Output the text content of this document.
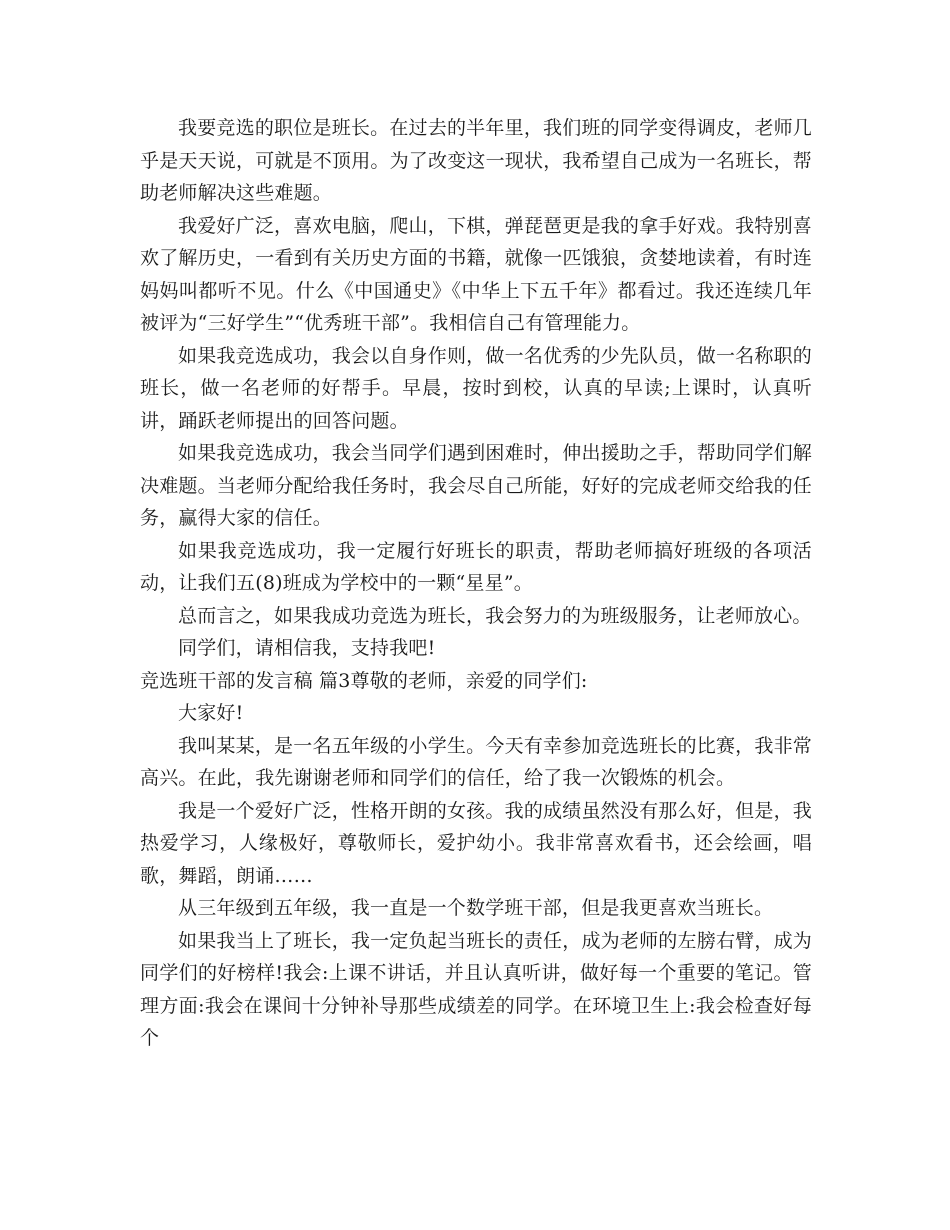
我要竞选的职位是班长。在过去的半年里，我们班的同学变得调皮，老师几乎是天天说，可就是不顶用。为了改变这一现状，我希望自己成为一名班长，帮助老师解决这些难题。

我爱好广泛，喜欢电脑，爬山，下棋，弹琵琶更是我的拿手好戏。我特别喜欢了解历史，一看到有关历史方面的书籍，就像一匹饿狼，贪婪地读着，有时连妈妈叫都听不见。什么《中国通史》《中华上下五千年》都看过。我还连续几年被评为“三好学生”“优秀班干部”。我相信自己有管理能力。

如果我竞选成功，我会以自身作则，做一名优秀的少先队员，做一名称职的班长，做一名老师的好帮手。早晨，按时到校，认真的早读;上课时，认真听讲，踊跃老师提出的回答问题。

如果我竞选成功，我会当同学们遇到困难时，伸出援助之手，帮助同学们解决难题。当老师分配给我任务时，我会尽自己所能，好好的完成老师交给我的任务，赢得大家的信任。

如果我竞选成功，我一定履行好班长的职责，帮助老师搞好班级的各项活动，让我们五(8)班成为学校中的一颗“星星”。

总而言之，如果我成功竞选为班长，我会努力的为班级服务，让老师放心。

同学们，请相信我，支持我吧!

竞选班干部的发言稿 篇3尊敬的老师，亲爱的同学们:

大家好!

我叫某某，是一名五年级的小学生。今天有幸参加竞选班长的比赛，我非常高兴。在此，我先谢谢老师和同学们的信任，给了我一次锻炼的机会。

我是一个爱好广泛，性格开朗的女孩。我的成绩虽然没有那么好，但是，我热爱学习，人缘极好，尊敬师长，爱护幼小。我非常喜欢看书，还会绘画，唱歌，舞蹈，朗诵……

从三年级到五年级，我一直是一个数学班干部，但是我更喜欢当班长。

如果我当上了班长，我一定负起当班长的责任，成为老师的左膀右臂，成为同学们的好榜样!我会:上课不讲话，并且认真听讲，做好每一个重要的笔记。管理方面:我会在课间十分钟补导那些成绩差的同学。在环境卫生上:我会检查好每个
